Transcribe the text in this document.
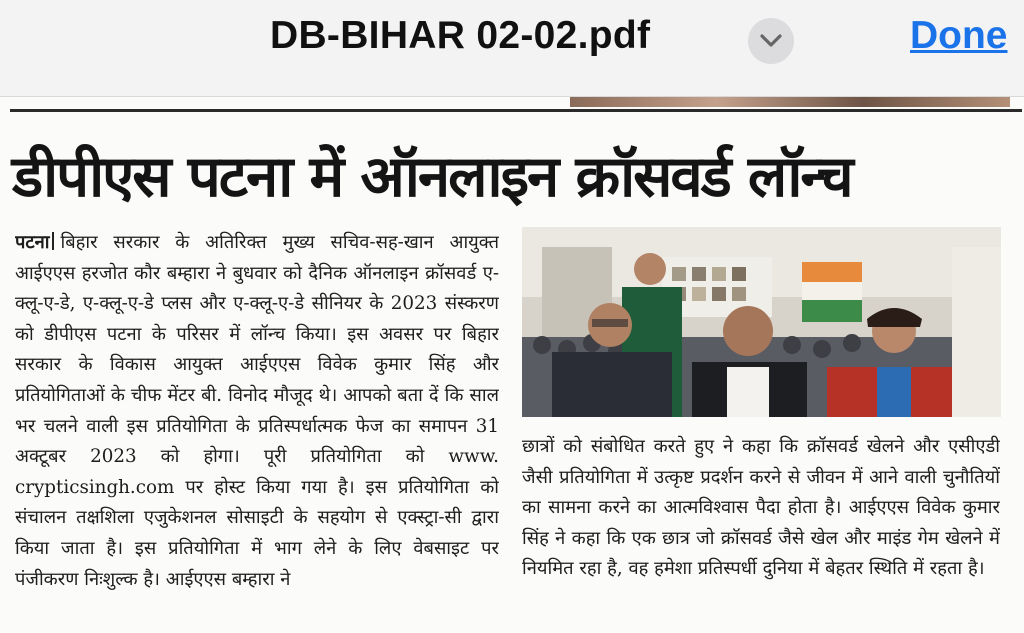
DB-BIHAR 02-02.pdf	Done
डीपीएस पटना में ऑनलाइन क्रॉसवर्ड लॉन्च
पटना बिहार सरकार के अतिरिक्त मुख्य सचिव-सह-खान आयुक्त आईएएस हरजोत कौर बम्हारा ने बुधवार को दैनिक ऑनलाइन क्रॉसवर्ड ए-क्लू-ए-डे, ए-क्लू-ए-डे प्लस और ए-क्लू-ए-डे सीनियर के 2023 संस्करण को डीपीएस पटना के परिसर में लॉन्च किया। इस अवसर पर बिहार सरकार के विकास आयुक्त आईएएस विवेक कुमार सिंह और प्रतियोगिताओं के चीफ मेंटर बी. विनोद मौजूद थे। आपको बता दें कि साल भर चलने वाली इस प्रतियोगिता के प्रतिस्पर्धात्मक फेज का समापन 31 अक्टूबर 2023 को होगा। पूरी प्रतियोगिता को www. crypticsingh.com पर होस्ट किया गया है। इस प्रतियोगिता को संचालन तक्षशिला एजुकेशनल सोसाइटी के सहयोग से एक्स्ट्रा-सी द्वारा किया जाता है। इस प्रतियोगिता में भाग लेने के लिए वेबसाइट पर पंजीकरण निःशुल्क है। आईएएस बम्हारा ने
छात्रों को संबोधित करते हुए ने कहा कि क्रॉसवर्ड खेलने और एसीएडी जैसी प्रतियोगिता में उत्कृष्ट प्रदर्शन करने से जीवन में आने वाली चुनौतियों का सामना करने का आत्मविश्वास पैदा होता है। आईएएस विवेक कुमार सिंह ने कहा कि एक छात्र जो क्रॉसवर्ड जैसे खेल और माइंड गेम खेलने में नियमित रहा है, वह हमेशा प्रतिस्पर्धी दुनिया में बेहतर स्थिति में रहता है।
